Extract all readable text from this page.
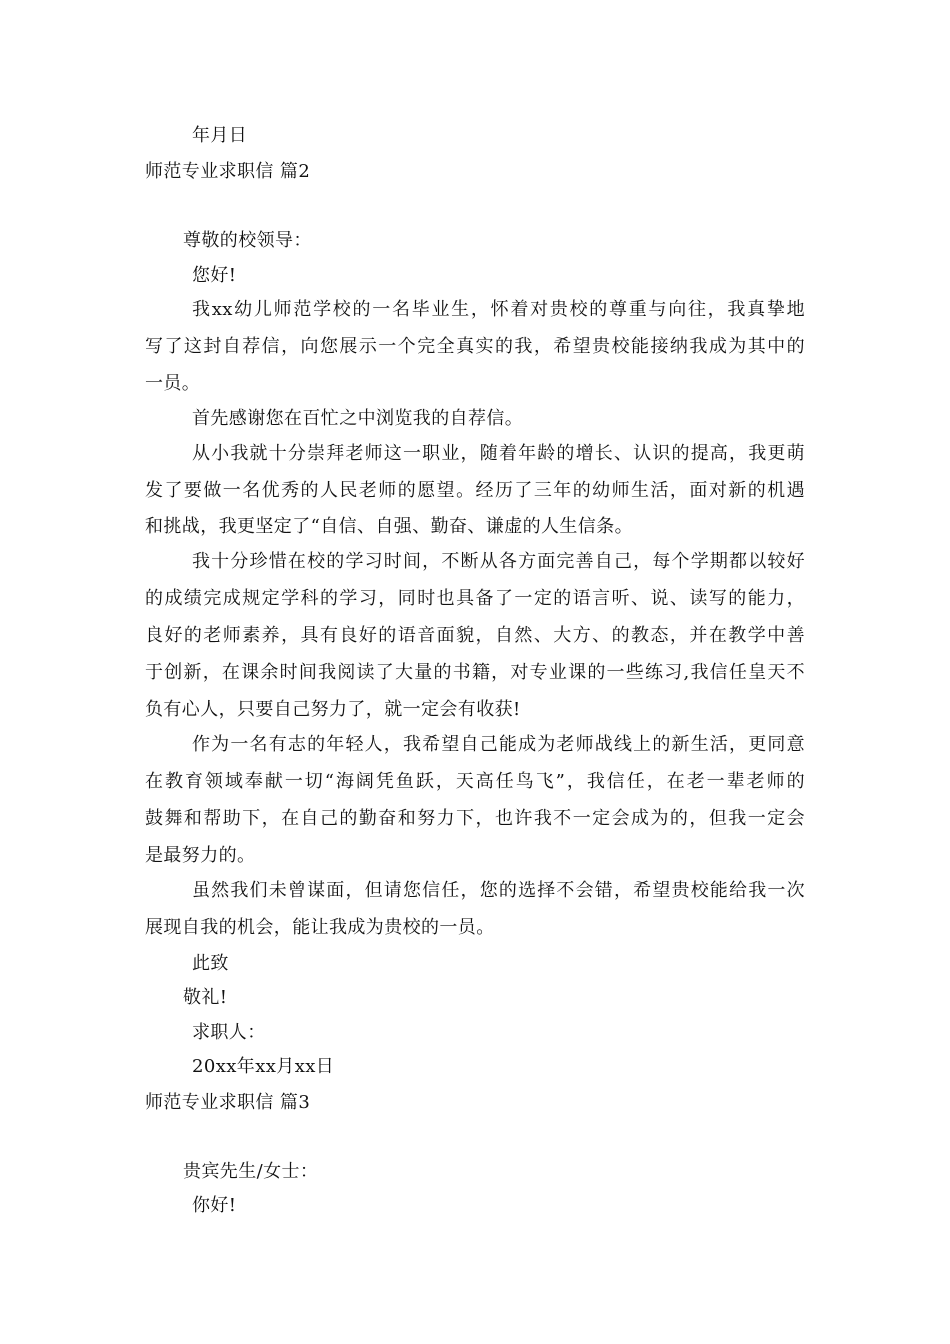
年月日
师范专业求职信 篇2
尊敬的校领导：
您好!
我xx幼儿师范学校的一名毕业生，怀着对贵校的尊重与向往，我真挚地
写了这封自荐信，向您展示一个完全真实的我，希望贵校能接纳我成为其中的
一员。
首先感谢您在百忙之中浏览我的自荐信。
从小我就十分崇拜老师这一职业，随着年龄的增长、认识的提高，我更萌
发了要做一名优秀的人民老师的愿望。经历了三年的幼师生活，面对新的机遇
和挑战，我更坚定了“自信、自强、勤奋、谦虚的人生信条。
我十分珍惜在校的学习时间，不断从各方面完善自己，每个学期都以较好
的成绩完成规定学科的学习，同时也具备了一定的语言听、说、读写的能力，
良好的老师素养，具有良好的语音面貌，自然、大方、的教态，并在教学中善
于创新，在课余时间我阅读了大量的书籍，对专业课的一些练习,我信任皇天不
负有心人，只要自己努力了，就一定会有收获!
作为一名有志的年轻人，我希望自己能成为老师战线上的新生活，更同意
在教育领域奉献一切“海阔凭鱼跃，天高任鸟飞”，我信任，在老一辈老师的
鼓舞和帮助下，在自己的勤奋和努力下，也许我不一定会成为的，但我一定会
是最努力的。
虽然我们未曾谋面，但请您信任，您的选择不会错，希望贵校能给我一次
展现自我的机会，能让我成为贵校的一员。
此致
敬礼!
求职人：
20xx年xx月xx日
师范专业求职信 篇3
贵宾先生/女士：
你好!
